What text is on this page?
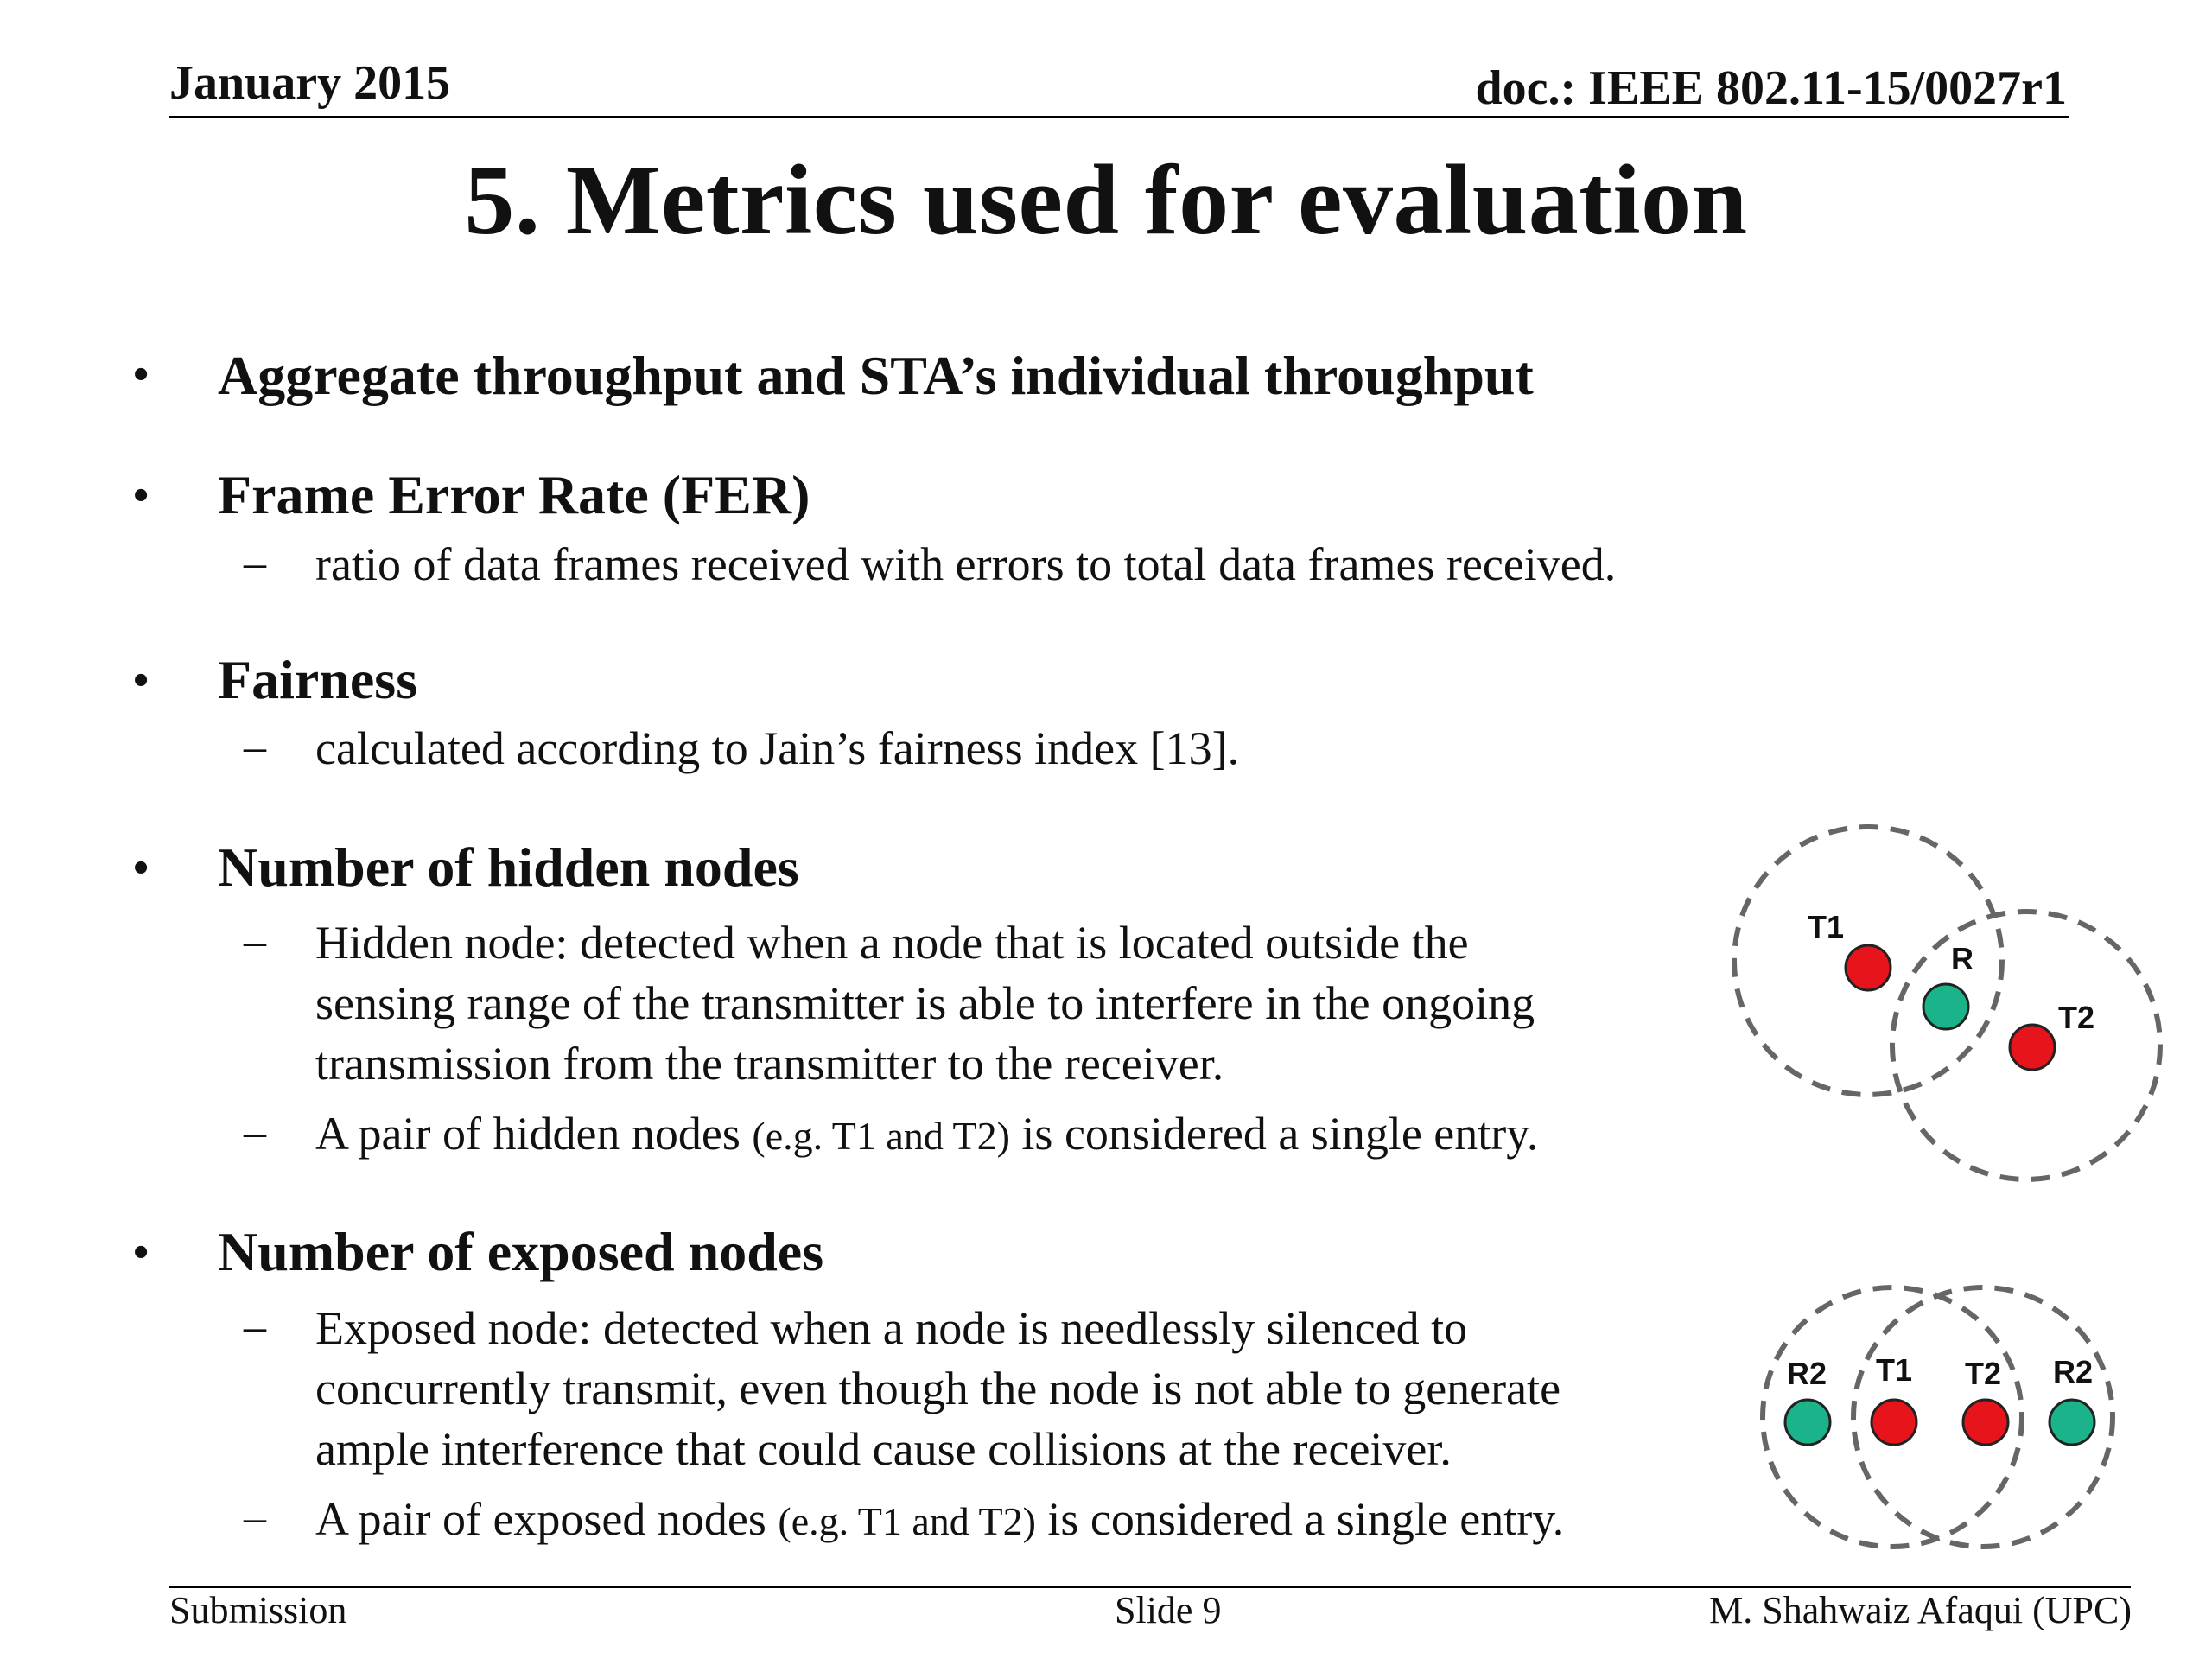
January 2015	doc.: IEEE 802.11-15/0027r1
5. Metrics used for evaluation
• Aggregate throughput and STA’s individual throughput
• Frame Error Rate (FER)
– ratio of data frames received with errors to total data frames received.
• Fairness
– calculated according to Jain’s fairness index [13].
• Number of hidden nodes
– Hidden node: detected when a node that is located outside the
sensing range of the transmitter is able to interfere in the ongoing
transmission from the transmitter to the receiver.
– A pair of hidden nodes (e.g. T1 and T2) is considered a single entry.
• Number of exposed nodes
– Exposed node: detected when a node is needlessly silenced to
concurrently transmit, even though the node is not able to generate
ample interference that could cause collisions at the receiver.
– A pair of exposed nodes (e.g. T1 and T2) is considered a single entry.
T1
R
T2
R2 T1 T2 R2
Submission	Slide 9	M. Shahwaiz Afaqui (UPC)
